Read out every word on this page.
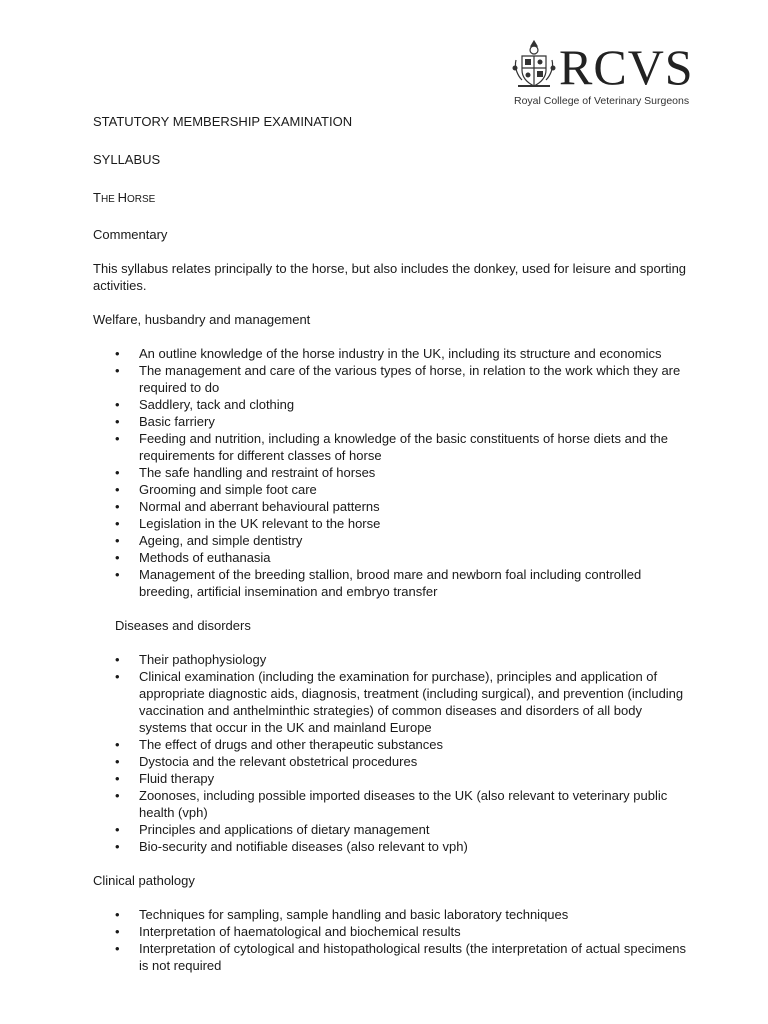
RCVS
Royal College of Veterinary Surgeons

STATUTORY MEMBERSHIP EXAMINATION

SYLLABUS

THE HORSE

Commentary

This syllabus relates principally to the horse, but also includes the donkey, used for leisure and sporting activities.

Welfare, husbandry and management

• An outline knowledge of the horse industry in the UK, including its structure and economics
• The management and care of the various types of horse, in relation to the work which they are required to do
• Saddlery, tack and clothing
• Basic farriery
• Feeding and nutrition, including a knowledge of the basic constituents of horse diets and the requirements for different classes of horse
• The safe handling and restraint of horses
• Grooming and simple foot care
• Normal and aberrant behavioural patterns
• Legislation in the UK relevant to the horse
• Ageing, and simple dentistry
• Methods of euthanasia
• Management of the breeding stallion, brood mare and newborn foal including controlled breeding, artificial insemination and embryo transfer

Diseases and disorders

• Their pathophysiology
• Clinical examination (including the examination for purchase), principles and application of appropriate diagnostic aids, diagnosis, treatment (including surgical), and prevention (including vaccination and anthelminthic strategies) of common diseases and disorders of all body systems that occur in the UK and mainland Europe
• The effect of drugs and other therapeutic substances
• Dystocia and the relevant obstetrical procedures
• Fluid therapy
• Zoonoses, including possible imported diseases to the UK (also relevant to veterinary public health (vph)
• Principles and applications of dietary management
• Bio-security and notifiable diseases (also relevant to vph)

Clinical pathology

• Techniques for sampling, sample handling and basic laboratory techniques
• Interpretation of haematological and biochemical results
• Interpretation of cytological and histopathological results (the interpretation of actual specimens is not required
